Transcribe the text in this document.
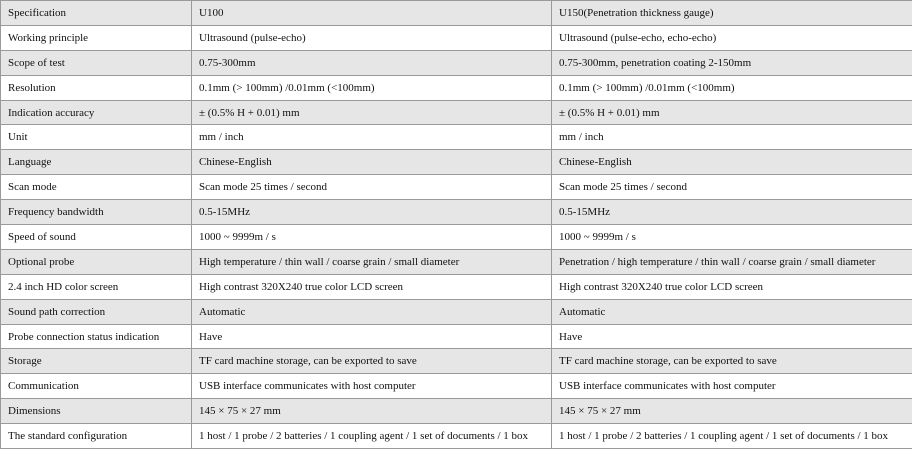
Specification	U100	U150(Penetration thickness gauge)
Working principle	Ultrasound (pulse-echo)	Ultrasound (pulse-echo, echo-echo)
Scope of test	0.75-300mm	0.75-300mm, penetration coating 2-150mm
Resolution	0.1mm (> 100mm) /0.01mm (<100mm)	0.1mm (> 100mm) /0.01mm (<100mm)
Indication accuracy	± (0.5% H + 0.01) mm	± (0.5% H + 0.01) mm
Unit	mm / inch	mm / inch
Language	Chinese-English	Chinese-English
Scan mode	Scan mode 25 times / second	Scan mode 25 times / second
Frequency bandwidth	0.5-15MHz	0.5-15MHz
Speed of sound	1000 ~ 9999m / s	1000 ~ 9999m / s
Optional probe	High temperature / thin wall / coarse grain / small diameter	Penetration / high temperature / thin wall / coarse grain / small diameter
2.4 inch HD color screen	High contrast 320X240 true color LCD screen	High contrast 320X240 true color LCD screen
Sound path correction	Automatic	Automatic
Probe connection status indication	Have	Have
Storage	TF card machine storage, can be exported to save	TF card machine storage, can be exported to save
Communication	USB interface communicates with host computer	USB interface communicates with host computer
Dimensions	145 × 75 × 27 mm	145 × 75 × 27 mm
The standard configuration	1 host / 1 probe / 2 batteries / 1 coupling agent / 1 set of documents / 1 box	1 host / 1 probe / 2 batteries / 1 coupling agent / 1 set of documents / 1 box
